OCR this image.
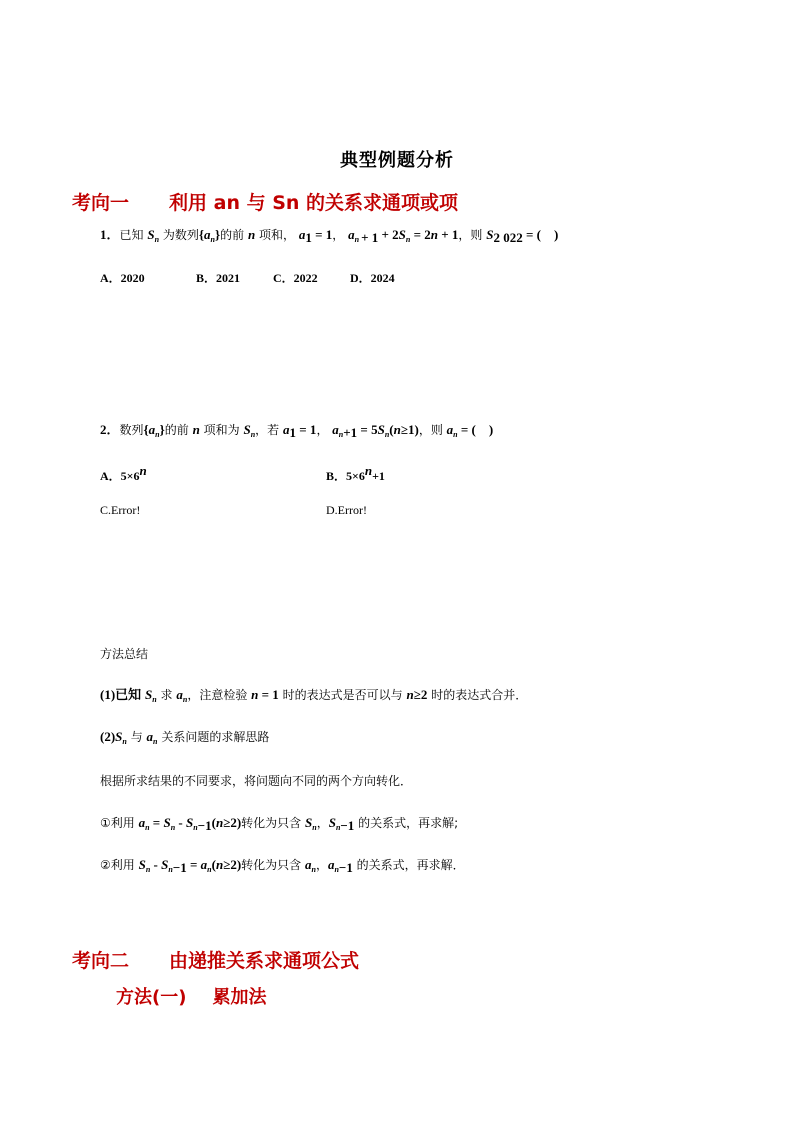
典型例题分析
考向一 利用 an 与 Sn 的关系求通项或项
1．已知 $S_n$ 为数列$\{a_n\}$的前 n 项和， $a_1 = 1$， $a_n$ $_{+ 1} + 2S_n = 2n + 1$，则 $S_{2 022}$ = (　)
A．2020	B．2021	C．2022	D．2024
2．数列$\{a_n\}$的前 n 项和为 $S_n$，若 $a_1 = 1$， $a_{n+1} = 5S_n(n\ge 1)$，则 $a_n$ = (　)
A．$5\times 6^n$	B．$5\times 6^n+1$
C.Error!	D.Error!
方法总结
(1)已知 $S_n$ 求 $a_n$，注意检验 n = 1 时的表达式是否可以与 n≥2 时的表达式合并．
$(2)S_n$ 与 $a_n$ 关系问题的求解思路
根据所求结果的不同要求，将问题向不同的两个方向转化．
①利用 $a_n = S_n - S_{n-1}(n\ge 2)$转化为只含 $S_n$，$S_{n-1}$ 的关系式，再求解;
②利用 $S_n - S_{n-1} = a_n(n\ge 2)$转化为只含 $a_n$，$a_{n-1}$ 的关系式，再求解．
考向二 由递推关系求通项公式
方法(一) 累加法
